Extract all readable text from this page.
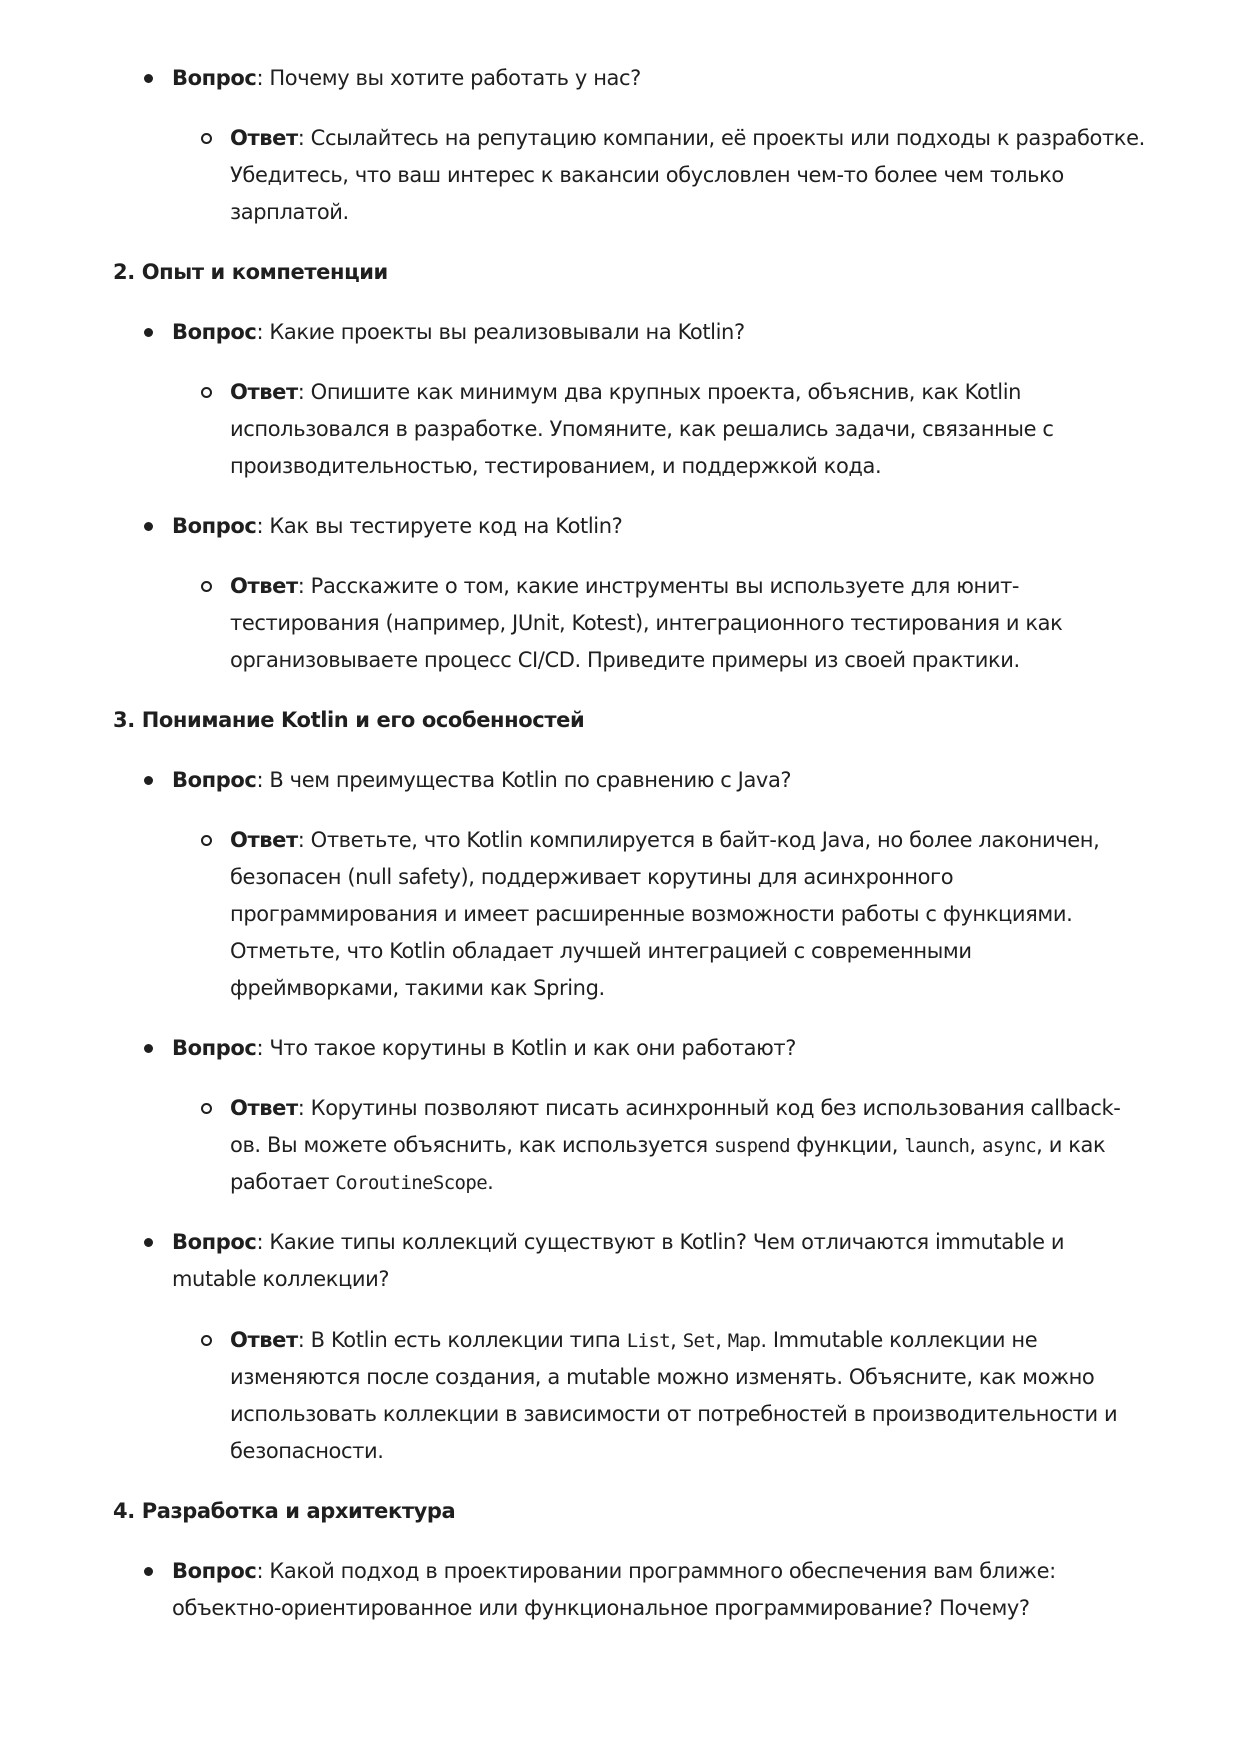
Вопрос: Почему вы хотите работать у нас?
Ответ: Ссылайтесь на репутацию компании, её проекты или подходы к разработке.
Убедитесь, что ваш интерес к вакансии обусловлен чем-то более чем только
зарплатой.
2. Опыт и компетенции
Вопрос: Какие проекты вы реализовывали на Kotlin?
Ответ: Опишите как минимум два крупных проекта, объяснив, как Kotlin
использовался в разработке. Упомяните, как решались задачи, связанные с
производительностью, тестированием, и поддержкой кода.
Вопрос: Как вы тестируете код на Kotlin?
Ответ: Расскажите о том, какие инструменты вы используете для юнит-
тестирования (например, JUnit, Kotest), интеграционного тестирования и как
организовываете процесс CI/CD. Приведите примеры из своей практики.
3. Понимание Kotlin и его особенностей
Вопрос: В чем преимущества Kotlin по сравнению с Java?
Ответ: Ответьте, что Kotlin компилируется в байт-код Java, но более лаконичен,
безопасен (null safety), поддерживает корутины для асинхронного
программирования и имеет расширенные возможности работы с функциями.
Отметьте, что Kotlin обладает лучшей интеграцией с современными
фреймворками, такими как Spring.
Вопрос: Что такое корутины в Kotlin и как они работают?
Ответ: Корутины позволяют писать асинхронный код без использования callback-
ов. Вы можете объяснить, как используется suspend функции, launch, async, и как
работает CoroutineScope.
Вопрос: Какие типы коллекций существуют в Kotlin? Чем отличаются immutable и
mutable коллекции?
Ответ: В Kotlin есть коллекции типа List, Set, Map. Immutable коллекции не
изменяются после создания, а mutable можно изменять. Объясните, как можно
использовать коллекции в зависимости от потребностей в производительности и
безопасности.
4. Разработка и архитектура
Вопрос: Какой подход в проектировании программного обеспечения вам ближе:
объектно-ориентированное или функциональное программирование? Почему?
